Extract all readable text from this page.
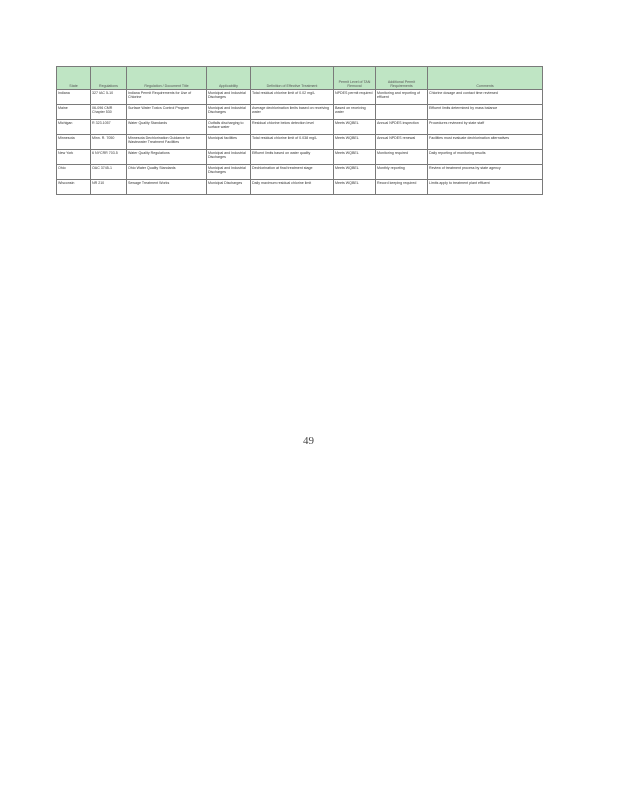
State	Regulations	Regulation / Document Title	Applicability	Definition of Effective Treatment	Permit Level of TAN Removal	Additional Permit Requirements	Comments
Indiana	327 IAC 5-10	Indiana Permit Requirements for Use of Chlorine	Municipal and Industrial Discharges	Total residual chlorine limit of 0.02 mg/L	NPDES permit required	Monitoring and reporting of effluent	Chlorine dosage and contact time reviewed
Maine	06-096 CMR Chapter 530	Surface Water Toxics Control Program	Municipal and Industrial Discharges	Average dechlorination limits based on receiving water	Based on receiving water		Effluent limits determined by mass balance
Michigan	R 323.1057	Water Quality Standards	Outfalls discharging to surface water	Residual chlorine below detection level	Meets WQBEL	Annual NPDES inspection	Procedures reviewed by state staff
Minnesota	Minn. R. 7050	Minnesota Dechlorination Guidance for Wastewater Treatment Facilities	Municipal facilities	Total residual chlorine limit of 0.038 mg/L	Meets WQBEL	Annual NPDES renewal	Facilities must evaluate dechlorination alternatives
New York	6 NYCRR 703.5	Water Quality Regulations	Municipal and Industrial Discharges	Effluent limits based on water quality	Meets WQBEL	Monitoring required	Daily reporting of monitoring results
Ohio	OAC 3745-1	Ohio Water Quality Standards	Municipal and Industrial Discharges	Dechlorination at final treatment stage	Meets WQBEL	Monthly reporting	Review of treatment process by state agency
Wisconsin	NR 210	Sewage Treatment Works	Municipal Discharges	Daily maximum residual chlorine limit	Meets WQBEL	Record keeping required	Limits apply to treatment plant effluent
49
